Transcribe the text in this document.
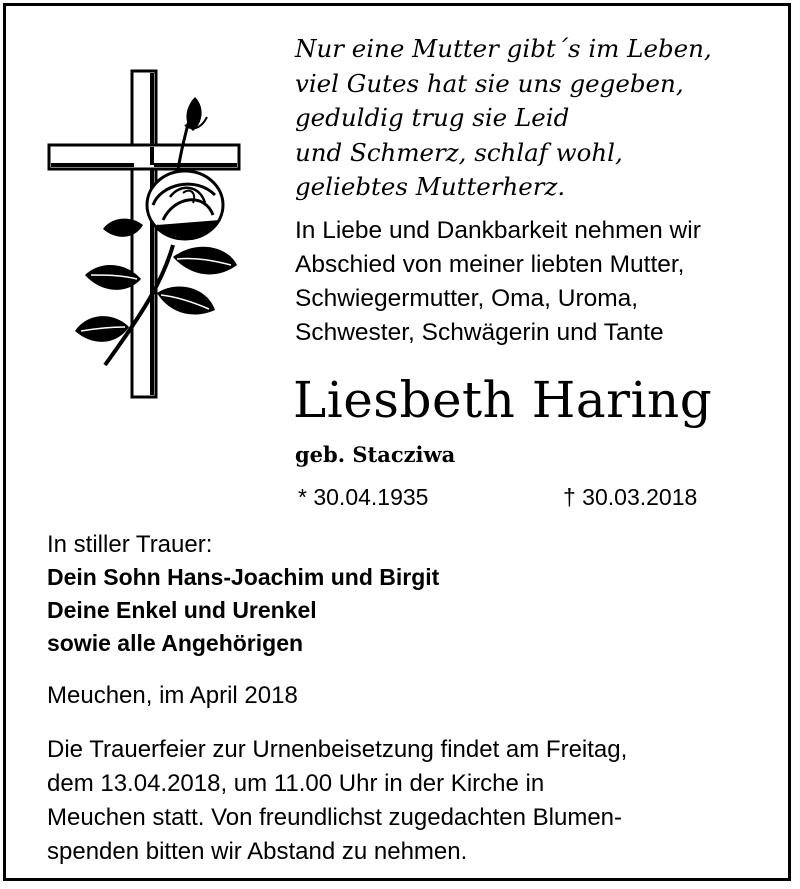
Nur eine Mutter gibt´s im Leben,
viel Gutes hat sie uns gegeben,
geduldig trug sie Leid
und Schmerz, schlaf wohl,
geliebtes Mutterherz.
In Liebe und Dankbarkeit nehmen wir
Abschied von meiner liebten Mutter,
Schwiegermutter, Oma, Uroma,
Schwester, Schwägerin und Tante
Liesbeth Haring
geb. Stacziwa
* 30.04.1935	† 30.03.2018
In stiller Trauer:
Dein Sohn Hans-Joachim und Birgit
Deine Enkel und Urenkel
sowie alle Angehörigen
Meuchen, im April 2018
Die Trauerfeier zur Urnenbeisetzung findet am Freitag,
dem 13.04.2018, um 11.00 Uhr in der Kirche in
Meuchen statt. Von freundlichst zugedachten Blumen-
spenden bitten wir Abstand zu nehmen.
